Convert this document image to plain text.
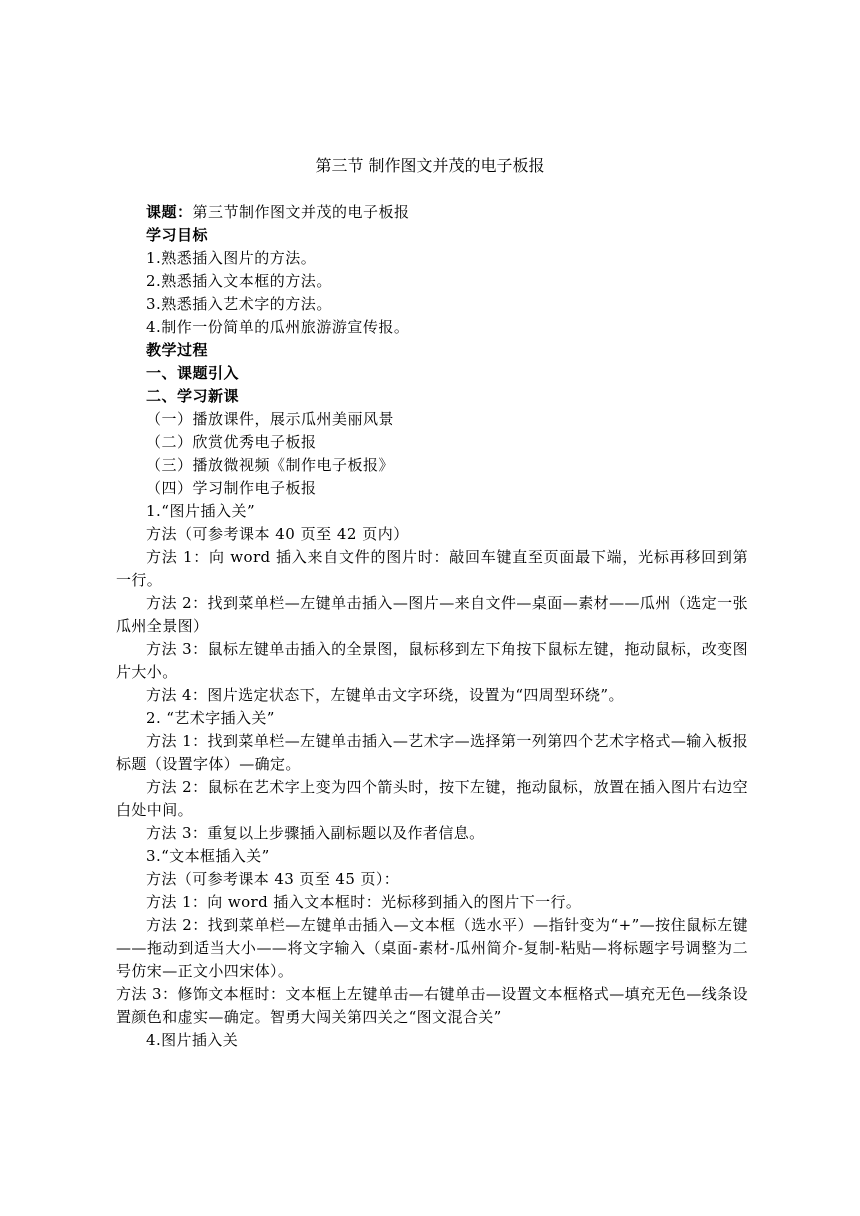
第三节 制作图文并茂的电子板报
课题：第三节制作图文并茂的电子板报
学习目标
1.熟悉插入图片的方法。
2.熟悉插入文本框的方法。
3.熟悉插入艺术字的方法。
4.制作一份简单的瓜州旅游游宣传报。
教学过程
一、课题引入
二、学习新课
（一）播放课件，展示瓜州美丽风景
（二）欣赏优秀电子板报
（三）播放微视频《制作电子板报》
（四）学习制作电子板报
1.“图片插入关”
方法（可参考课本 40 页至 42 页内）
方法 1：向 word 插入来自文件的图片时：敲回车键直至页面最下端，光标再移回到第一行。
方法 2：找到菜单栏—左键单击插入—图片—来自文件—桌面—素材——瓜州（选定一张瓜州全景图）
方法 3：鼠标左键单击插入的全景图，鼠标移到左下角按下鼠标左键，拖动鼠标，改变图片大小。
方法 4：图片选定状态下，左键单击文字环绕，设置为“四周型环绕”。
2. “艺术字插入关”
方法 1：找到菜单栏—左键单击插入—艺术字—选择第一列第四个艺术字格式—输入板报标题（设置字体）—确定。
方法 2：鼠标在艺术字上变为四个箭头时，按下左键，拖动鼠标，放置在插入图片右边空白处中间。
方法 3：重复以上步骤插入副标题以及作者信息。
3.“文本框插入关”
方法（可参考课本 43 页至 45 页）：
方法 1：向 word 插入文本框时：光标移到插入的图片下一行。
方法 2：找到菜单栏—左键单击插入—文本框（选水平）—指针变为“+”—按住鼠标左键——拖动到适当大小——将文字输入（桌面-素材-瓜州简介-复制-粘贴—将标题字号调整为二号仿宋—正文小四宋体）。
方法 3：修饰文本框时：文本框上左键单击—右键单击—设置文本框格式—填充无色—线条设置颜色和虚实—确定。智勇大闯关第四关之“图文混合关”
4.图片插入关
